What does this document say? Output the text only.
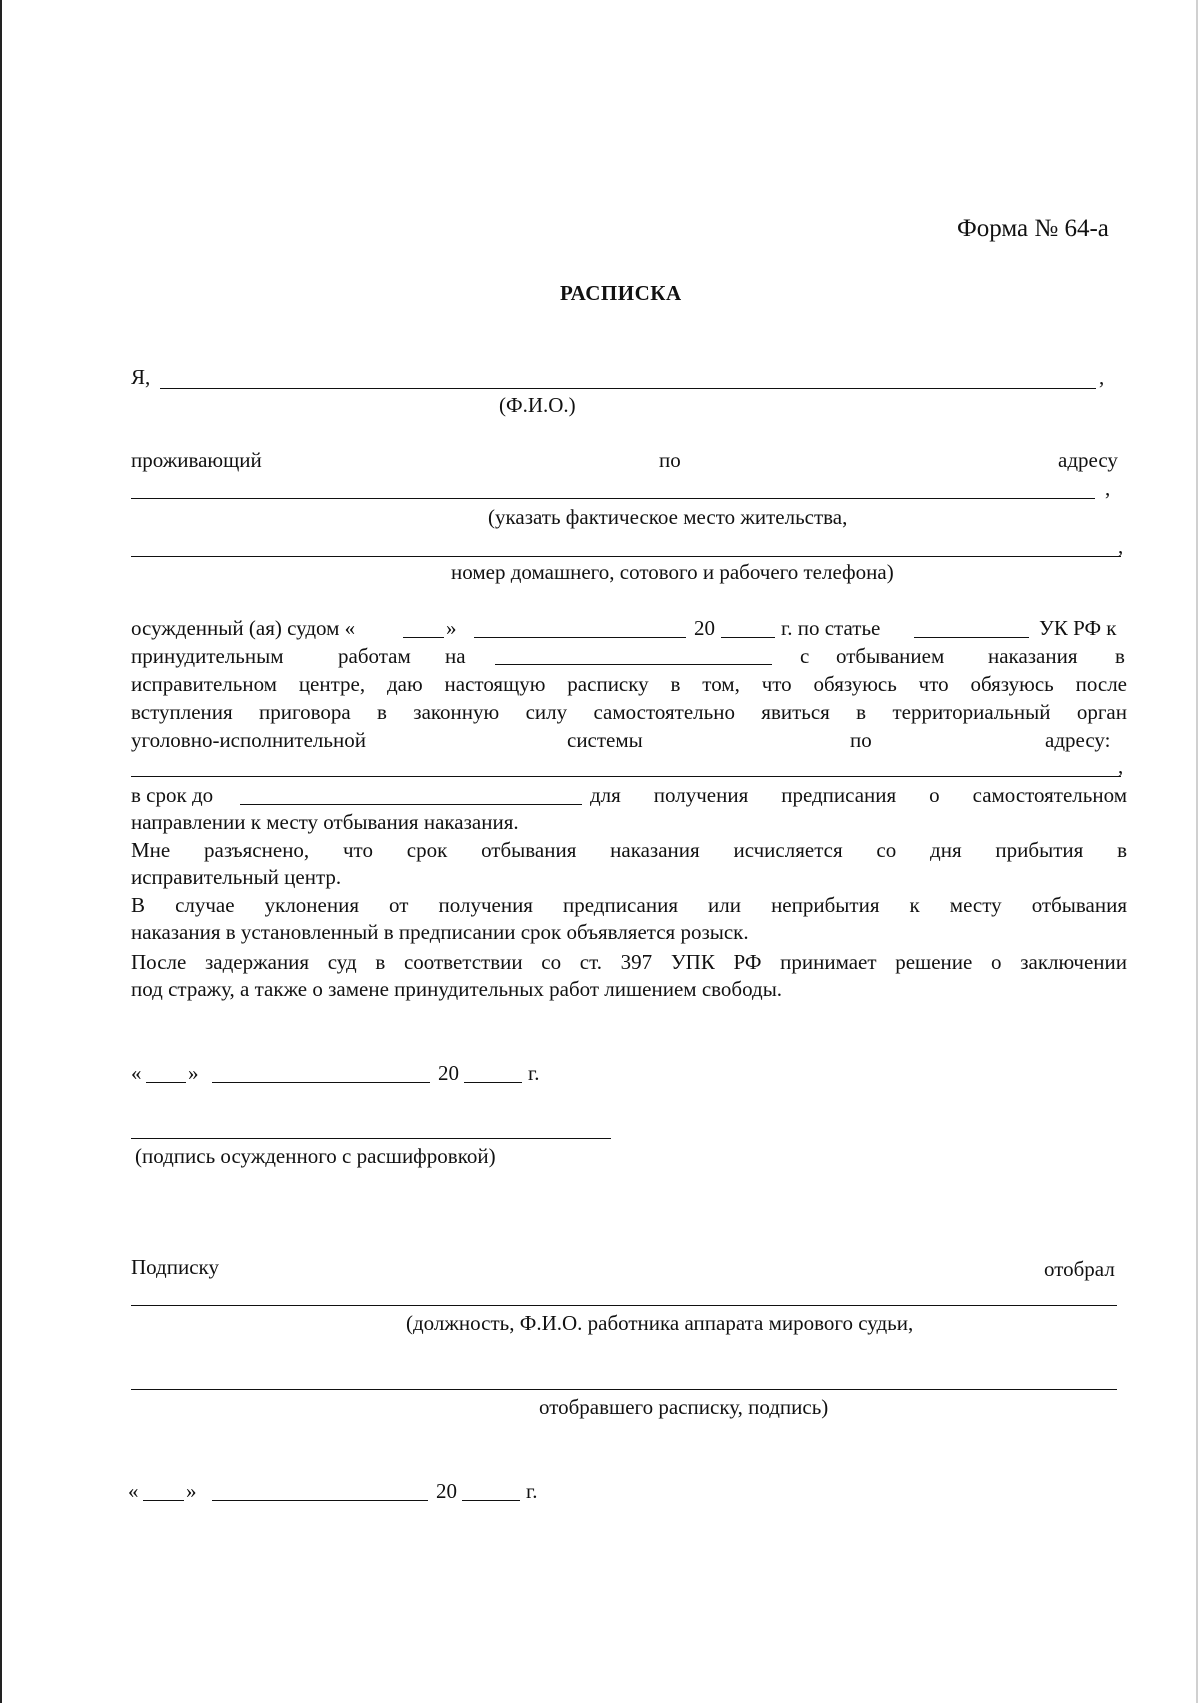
Форма № 64-а
РАСПИСКА
Я,	,
(Ф.И.О.)
проживающий	по	адресу
,
(указать фактическое место жительства,
,
номер домашнего, сотового и рабочего телефона)
осужденный (ая) судом «	»	20	г. по статье	УК РФ к
принудительным	работам на	с отбыванием наказания в
исправительном центре, даю настоящую расписку в том, что обязуюсь что обязуюсь после
вступления приговора в законную силу самостоятельно явиться в территориальный орган
уголовно-исполнительной	системы	по	адресу:
,
в срок до	для получения предписания о самостоятельном
направлении к месту отбывания наказания.
Мне разъяснено, что срок отбывания наказания исчисляется со дня прибытия в
исправительный центр.
В случае уклонения от получения предписания или неприбытия к месту отбывания
наказания в установленный в предписании срок объявляется розыск.
После задержания суд в соответствии со ст. 397 УПК РФ принимает решение о заключении
под стражу, а также о замене принудительных работ лишением свободы.
« »	20	г.
(подпись осужденного с расшифровкой)
Подписку	отобрал
(должность, Ф.И.О. работника аппарата мирового судьи,
отобравшего расписку, подпись)
« »	20	г.
